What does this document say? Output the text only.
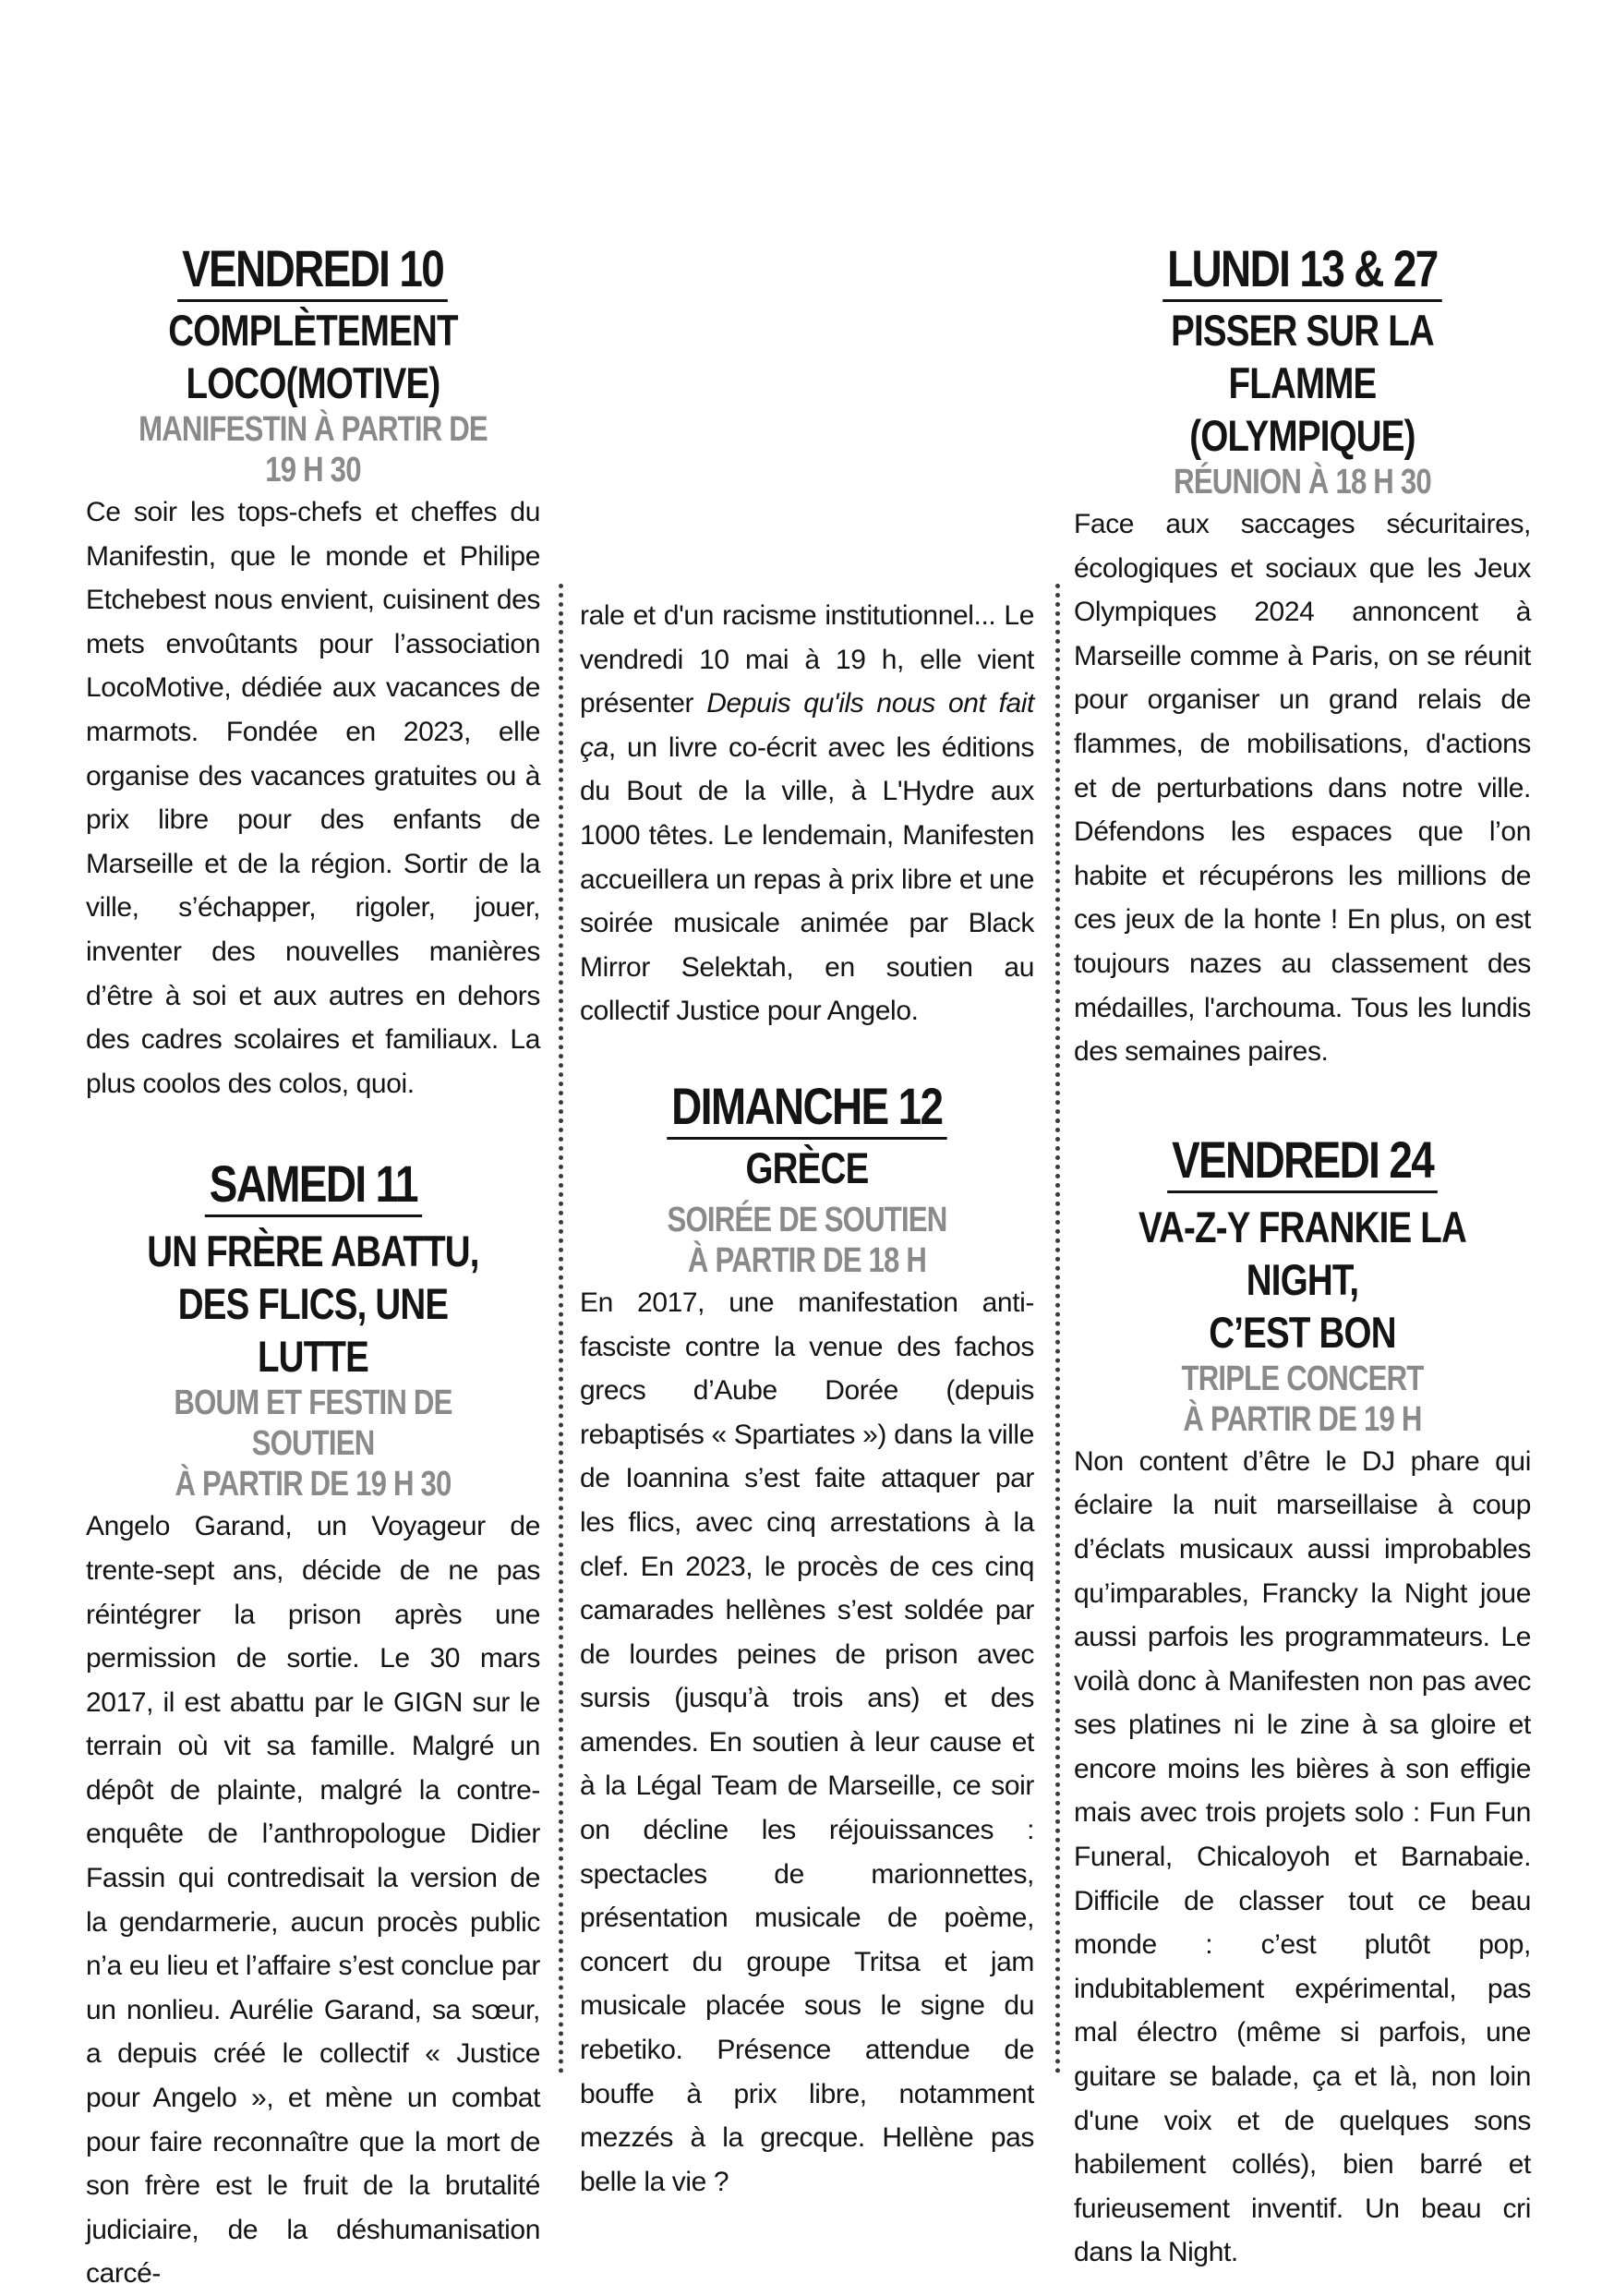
VENDREDI 10
COMPLÈTEMENT
LOCO(MOTIVE)
MANIFESTIN À PARTIR DE 19 H 30

Ce soir les tops-chefs et cheffes du Manifestin, que le monde et Philipe Etchebest nous envient, cuisinent des mets envoûtants pour l’association LocoMotive, dédiée aux vacances de marmots. Fondée en 2023, elle organise des vacances gratuites ou à prix libre pour des enfants de Marseille et de la région. Sortir de la ville, s’échapper, rigoler, jouer, inventer des nouvelles manières d’être à soi et aux autres en dehors des cadres scolaires et familiaux. La plus coolos des colos, quoi.

SAMEDI 11
UN FRÈRE ABATTU,
DES FLICS, UNE LUTTE
BOUM ET FESTIN DE SOUTIEN
À PARTIR DE 19 H 30

Angelo Garand, un Voyageur de trente-sept ans, décide de ne pas réintégrer la prison après une permission de sortie. Le 30 mars 2017, il est abattu par le GIGN sur le terrain où vit sa famille. Malgré un dépôt de plainte, malgré la contre-enquête de l’anthropologue Didier Fassin qui contredisait la version de la gendarmerie, aucun procès public n’a eu lieu et l’affaire s’est conclue par un nonlieu. Aurélie Garand, sa sœur, a depuis créé le collectif « Justice pour Angelo », et mène un combat pour faire reconnaître que la mort de son frère est le fruit de la brutalité judiciaire, de la déshumanisation carcé-

rale et d'un racisme institutionnel... Le vendredi 10 mai à 19 h, elle vient présenter Depuis qu'ils nous ont fait ça, un livre co-écrit avec les éditions du Bout de la ville, à L'Hydre aux 1000 têtes. Le lendemain, Manifesten accueillera un repas à prix libre et une soirée musicale animée par Black Mirror Selektah, en soutien au collectif Justice pour Angelo.

DIMANCHE 12
GRÈCE
SOIRÉE DE SOUTIEN
À PARTIR DE 18 H

En 2017, une manifestation anti-fasciste contre la venue des fachos grecs d’Aube Dorée (depuis rebaptisés « Spartiates ») dans la ville de Ioannina s’est faite attaquer par les flics, avec cinq arrestations à la clef. En 2023, le procès de ces cinq camarades hellènes s’est soldée par de lourdes peines de prison avec sursis (jusqu’à trois ans) et des amendes. En soutien à leur cause et à la Légal Team de Marseille, ce soir on décline les réjouissances : spectacles de marionnettes, présentation musicale de poème, concert du groupe Tritsa et jam musicale placée sous le signe du rebetiko. Présence attendue de bouffe à prix libre, notamment mezzés à la grecque. Hellène pas belle la vie ?

LUNDI 13 & 27
PISSER SUR LA FLAMME
(OLYMPIQUE)
RÉUNION À 18 H 30

Face aux saccages sécuritaires, écologiques et sociaux que les Jeux Olympiques 2024 annoncent à Marseille comme à Paris, on se réunit pour organiser un grand relais de flammes, de mobilisations, d'actions et de perturbations dans notre ville. Défendons les espaces que l’on habite et récupérons les millions de ces jeux de la honte ! En plus, on est toujours nazes au classement des médailles, l'archouma. Tous les lundis des semaines paires.

VENDREDI 24
VA-Z-Y FRANKIE LA NIGHT,
C’EST BON
TRIPLE CONCERT
À PARTIR DE 19 H

Non content d’être le DJ phare qui éclaire la nuit marseillaise à coup d’éclats musicaux aussi improbables qu’imparables, Francky la Night joue aussi parfois les programmateurs. Le voilà donc à Manifesten non pas avec ses platines ni le zine à sa gloire et encore moins les bières à son effigie mais avec trois projets solo : Fun Fun Funeral, Chicaloyoh et Barnabaie. Difficile de classer tout ce beau monde : c’est plutôt pop, indubitablement expérimental, pas mal électro (même si parfois, une guitare se balade, ça et là, non loin d'une voix et de quelques sons habilement collés), bien barré et furieusement inventif. Un beau cri dans la Night.
